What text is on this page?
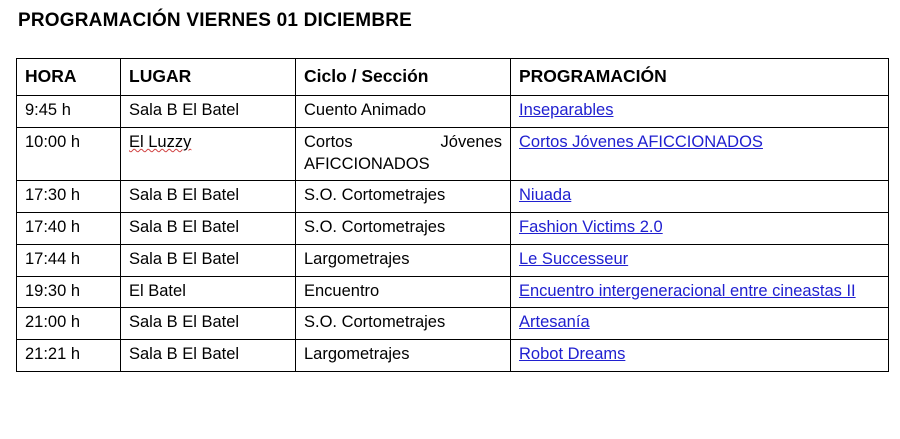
PROGRAMACIÓN VIERNES 01 DICIEMBRE
HORA	LUGAR	Ciclo / Sección	PROGRAMACIÓN
9:45 h	Sala B El Batel	Cuento Animado	Inseparables
10:00 h	El Luzzy	Cortos Jóvenes AFICCIONADOS	Cortos Jóvenes AFICCIONADOS
17:30 h	Sala B El Batel	S.O. Cortometrajes	Niuada
17:40 h	Sala B El Batel	S.O. Cortometrajes	Fashion Victims 2.0
17:44 h	Sala B El Batel	Largometrajes	Le Successeur
19:30 h	El Batel	Encuentro	Encuentro intergeneracional entre cineastas II

21:00 h	Sala B El Batel	S.O. Cortometrajes	Artesanía
21:21 h	Sala B El Batel	Largometrajes	Robot Dreams
